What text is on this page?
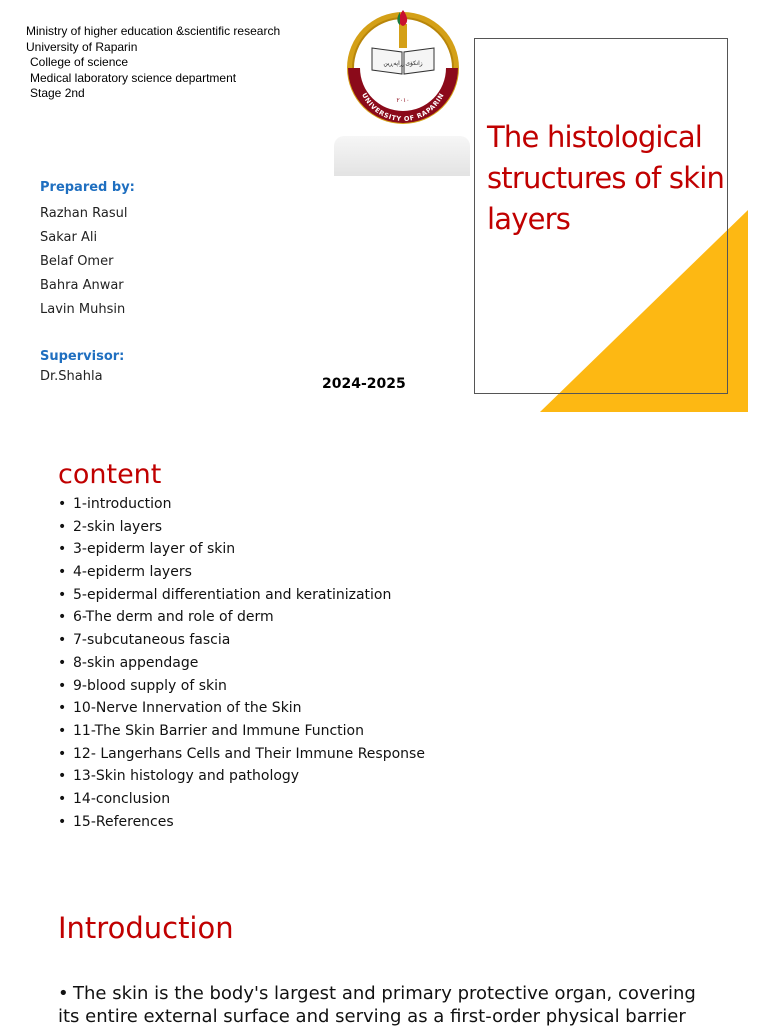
Ministry of higher education &scientific research
University of Raparin
College of science
Medical laboratory science department
Stage 2nd	UNIVERSITY OF RAPARIN
زانكۆی ڕاپەڕین
٢٠١٠
Prepared by:
Razhan Rasul
Sakar Ali
Belaf Omer
Bahra Anwar
Lavin Muhsin
Supervisor:
Dr.Shahla	2024-2025
The histological structures of skin layers
content
• 1-introduction
• 2-skin layers
• 3-epiderm layer of skin
• 4-epiderm layers
• 5-epidermal differentiation and keratinization
• 6-The derm and role of derm
• 7-subcutaneous fascia
• 8-skin appendage
• 9-blood supply of skin
• 10-Nerve Innervation of the Skin
• 11-The Skin Barrier and Immune Function
• 12- Langerhans Cells and Their Immune Response
• 13-Skin histology and pathology
• 14-conclusion
• 15-References
Introduction
• The skin is the body's largest and primary protective organ, covering its entire external surface and serving as a first-order physical barrier
